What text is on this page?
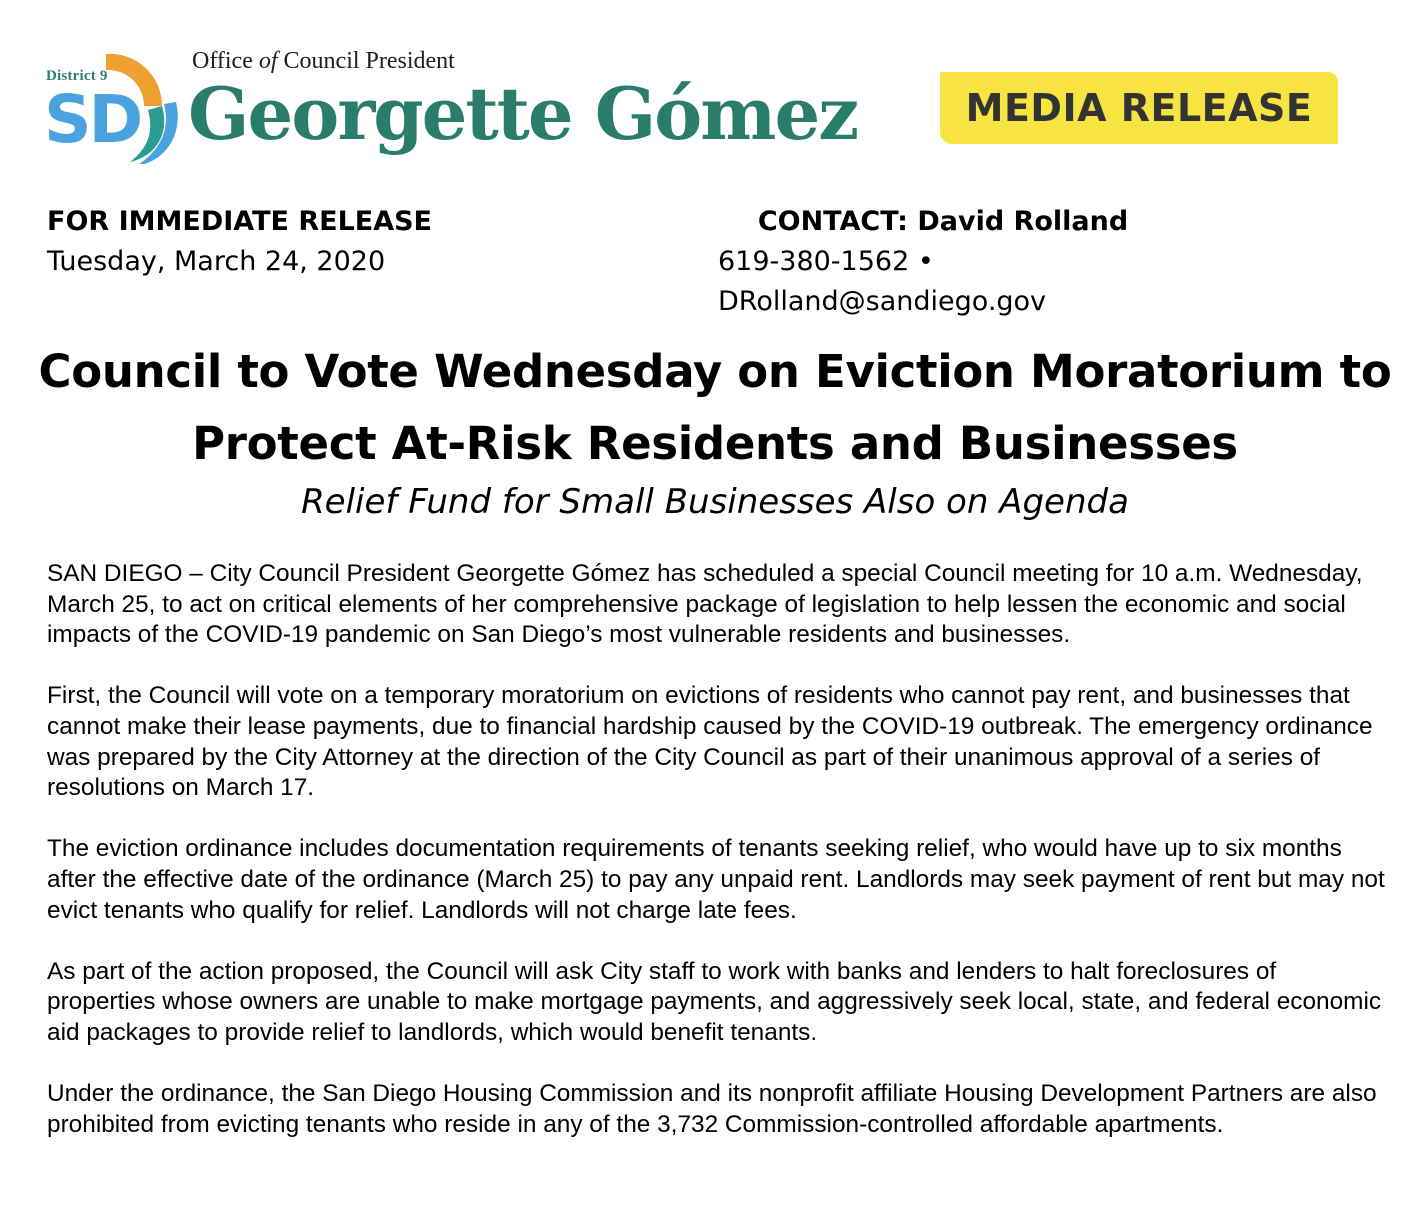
District 9
SD
Office of Council President
Georgette Gómez	MEDIA RELEASE
FOR IMMEDIATE RELEASE
Tuesday, March 24, 2020
CONTACT: David Rolland
619-380-1562 • DRolland@sandiego.gov
Council to Vote Wednesday on Eviction Moratorium to
Protect At-Risk Residents and Businesses
Relief Fund for Small Businesses Also on Agenda

SAN DIEGO – City Council President Georgette Gómez has scheduled a special Council meeting for 10 a.m. Wednesday, March 25, to act on critical elements of her comprehensive package of legislation to help lessen the economic and social impacts of the COVID-19 pandemic on San Diego’s most vulnerable residents and businesses.

First, the Council will vote on a temporary moratorium on evictions of residents who cannot pay rent, and businesses that cannot make their lease payments, due to financial hardship caused by the COVID-19 outbreak. The emergency ordinance was prepared by the City Attorney at the direction of the City Council as part of their unanimous approval of a series of resolutions on March 17.

The eviction ordinance includes documentation requirements of tenants seeking relief, who would have up to six months after the effective date of the ordinance (March 25) to pay any unpaid rent. Landlords may seek payment of rent but may not evict tenants who qualify for relief. Landlords will not charge late fees.

As part of the action proposed, the Council will ask City staff to work with banks and lenders to halt foreclosures of properties whose owners are unable to make mortgage payments, and aggressively seek local, state, and federal economic aid packages to provide relief to landlords, which would benefit tenants.

Under the ordinance, the San Diego Housing Commission and its nonprofit affiliate Housing Development Partners are also prohibited from evicting tenants who reside in any of the 3,732 Commission-controlled affordable apartments.
